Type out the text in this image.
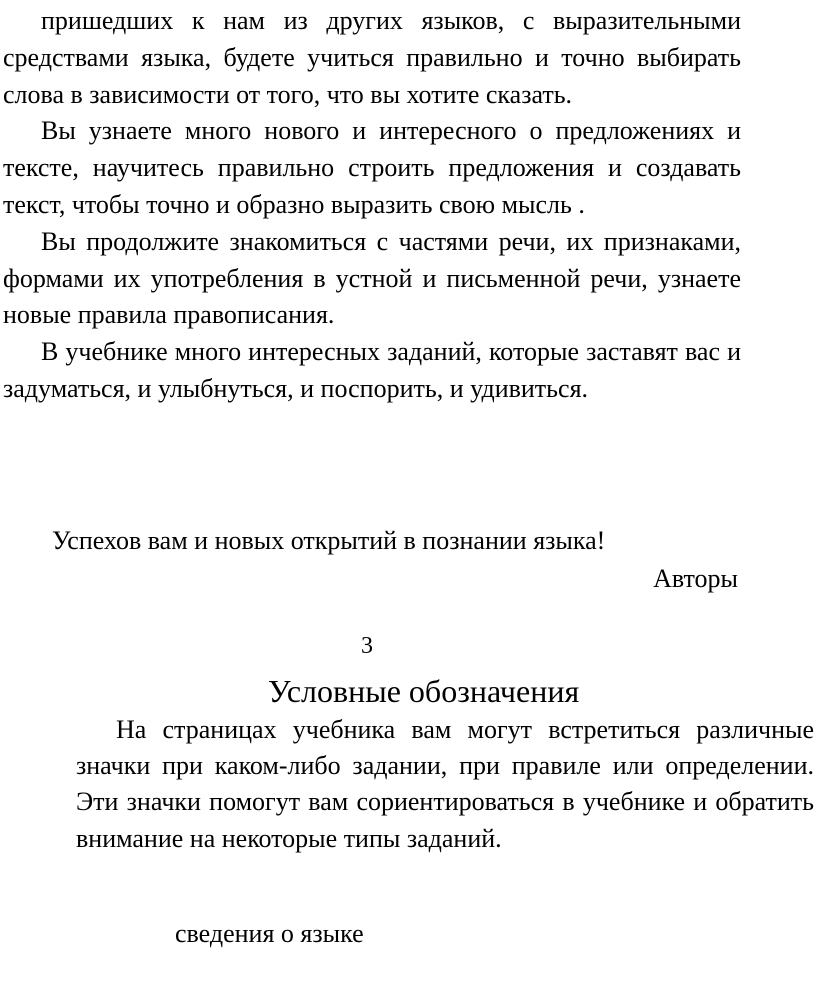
пришедших к нам из других языков, с выразительными средствами языка, будете учиться правильно и точно выбирать слова в зависимости от того, что вы хотите сказать.

Вы узнаете много нового и интересного о предложениях и тексте, научитесь правильно строить предложения и создавать текст, чтобы точно и образно выразить свою мысль .

Вы продолжите знакомиться с частями речи, их признаками, формами их употребления в устной и письменной речи, узнаете новые правила правописания.

В учебнике много интересных заданий, которые заставят вас и задуматься, и улыбнуться, и поспорить, и удивиться.

Успехов вам и новых открытий в познании языка!
Авторы
3
Условные обозначения

На страницах учебника вам могут встретиться различные значки при каком-либо задании, при правиле или определении. Эти значки помогут вам сориентироваться в учебнике и обратить внимание на некоторые типы заданий.

сведения о языке
